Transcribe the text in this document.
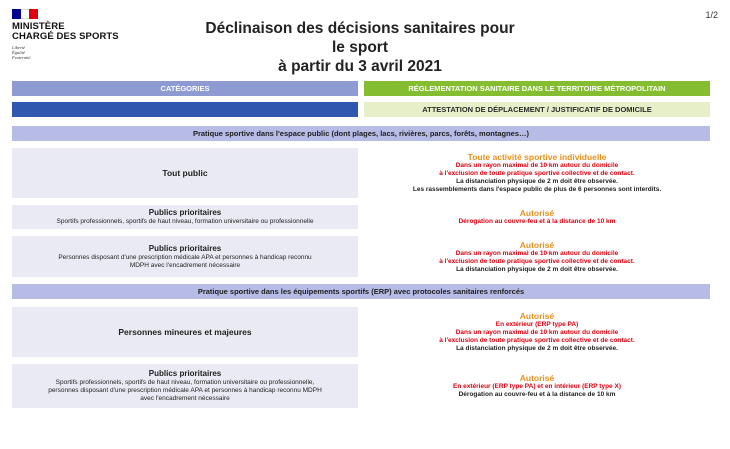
1/2
MINISTÈRE
CHARGÉ DES SPORTS
Liberté
Égalité
Fraternité
Déclinaison des décisions sanitaires pour le sport
à partir du 3 avril 2021
CATÉGORIES	RÉGLEMENTATION SANITAIRE DANS LE TERRITOIRE MÉTROPOLITAIN
ATTESTATION DE DÉPLACEMENT / JUSTIFICATIF DE DOMICILE
Pratique sportive dans l'espace public (dont plages, lacs, rivières, parcs, forêts, montagnes…)
Tout public
Toute activité sportive individuelle
Dans un rayon maximal de 10 km autour du domicile
à l'exclusion de toute pratique sportive collective et de contact.
La distanciation physique de 2 m doit être observée.
Les rassemblements dans l'espace public de plus de 6 personnes sont interdits.
Publics prioritaires
Sportifs professionnels, sportifs de haut niveau, formation universitaire ou professionnelle
Autorisé
Dérogation au couvre-feu et à la distance de 10 km
Publics prioritaires
Personnes disposant d'une prescription médicale APA et personnes à handicap reconnu
MDPH avec l'encadrement nécessaire
Autorisé
Dans un rayon maximal de 10 km autour du domicile
à l'exclusion de toute pratique sportive collective et de contact.
La distanciation physique de 2 m doit être observée.
Pratique sportive dans les équipements sportifs (ERP) avec protocoles sanitaires renforcés
Personnes mineures et majeures
Autorisé
En extérieur (ERP type PA)
Dans un rayon maximal de 10 km autour du domicile
à l'exclusion de toute pratique sportive collective et de contact.
La distanciation physique de 2 m doit être observée.
Publics prioritaires
Sportifs professionnels, sportifs de haut niveau, formation universitaire ou professionnelle,
personnes disposant d'une prescription médicale APA et personnes à handicap reconnu MDPH
avec l'encadrement nécessaire
Autorisé
En extérieur (ERP type PA) et en intérieur (ERP type X)
Dérogation au couvre-feu et à la distance de 10 km
